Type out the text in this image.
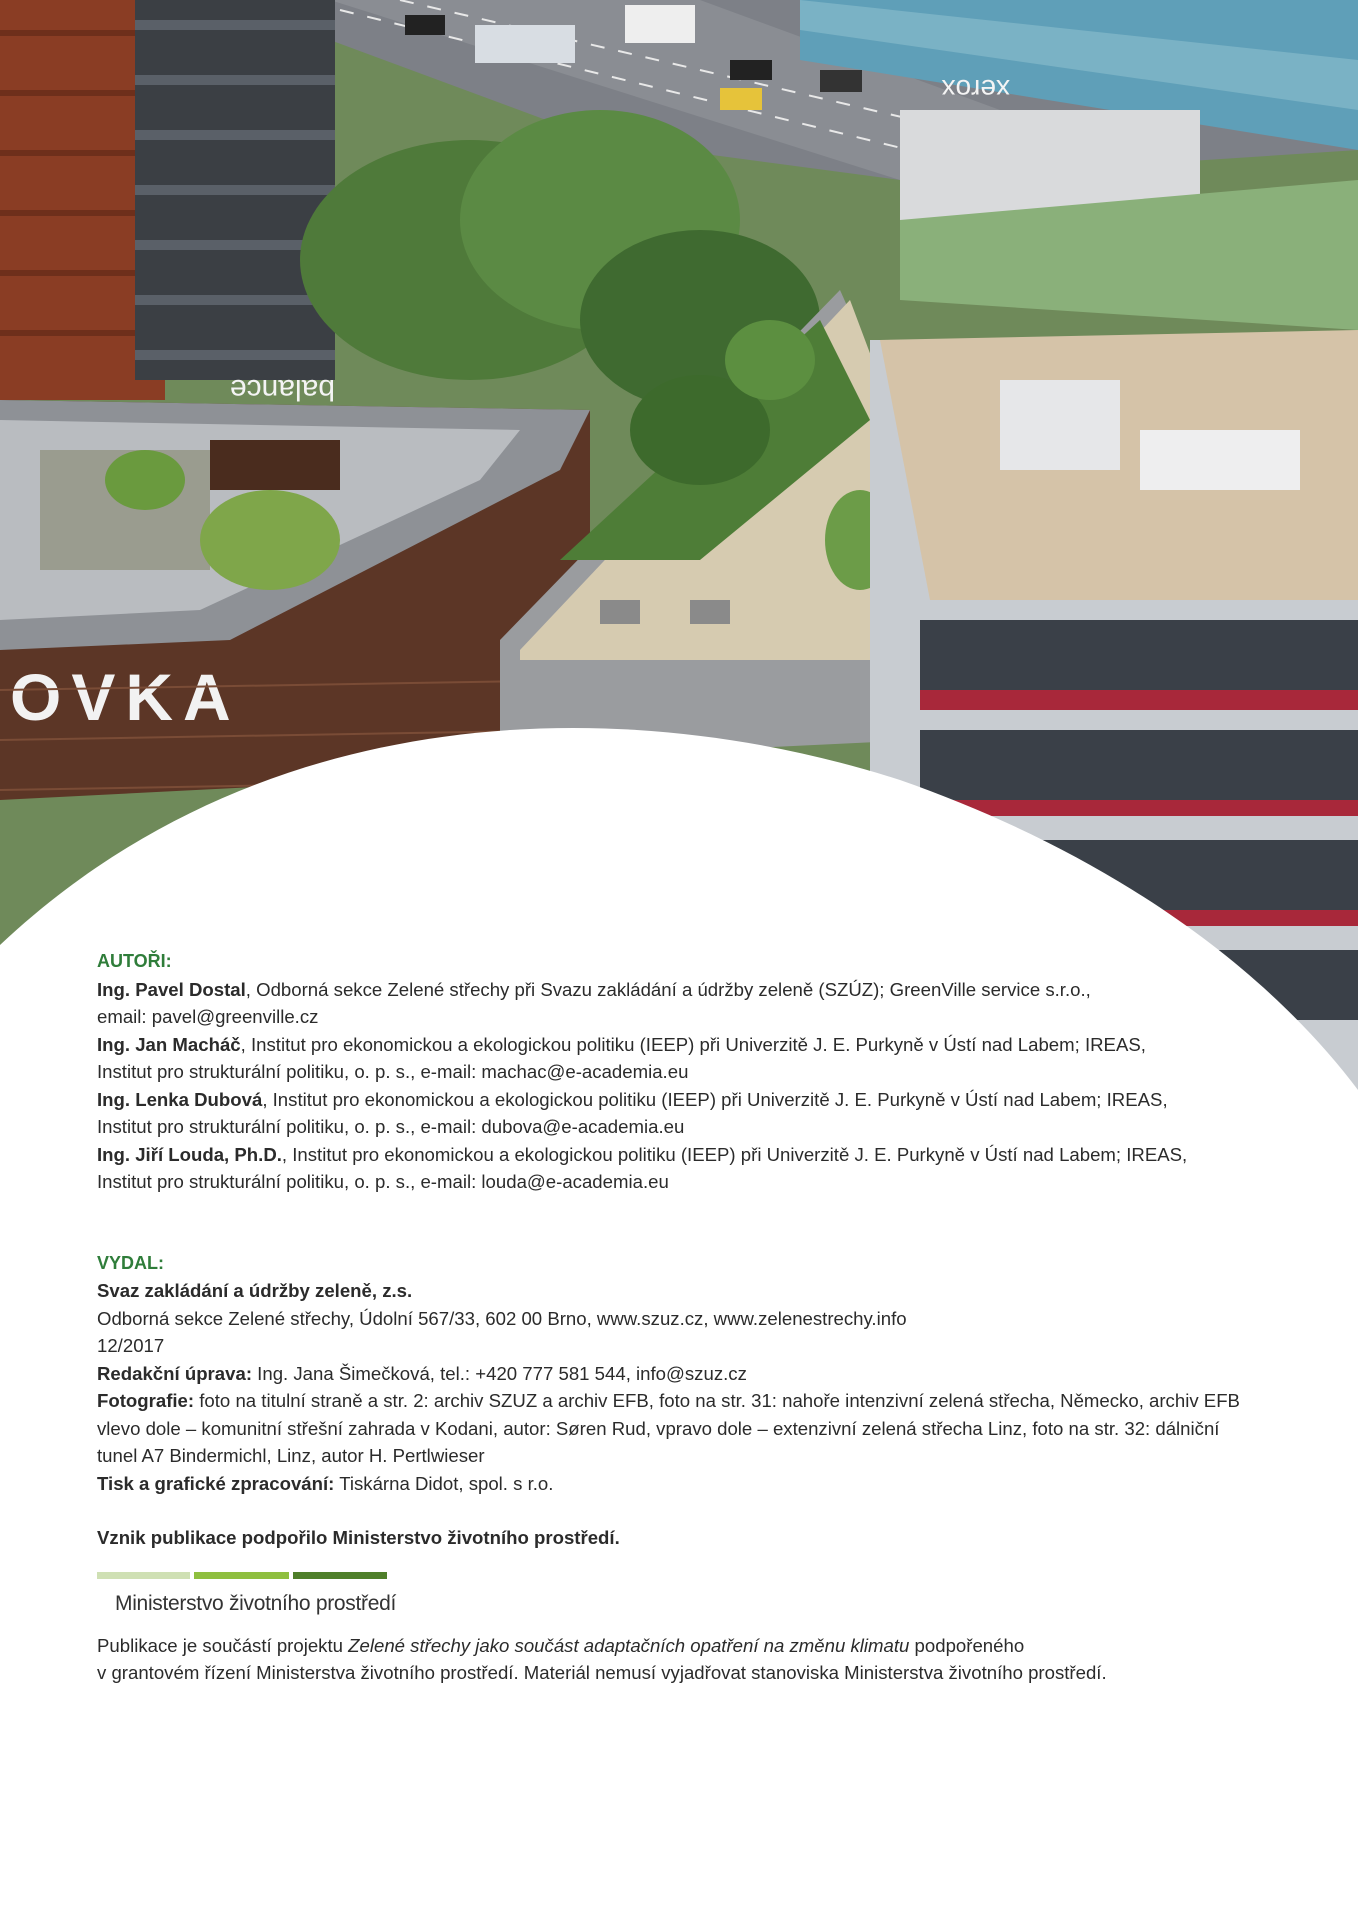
OVKA
balance
xerox

AUTOŘI:

Ing. Pavel Dostal, Odborná sekce Zelené střechy při Svazu zakládání a údržby zeleně (SZÚZ); GreenVille service s.r.o.,

email: pavel@greenville.cz

Ing. Jan Macháč, Institut pro ekonomickou a ekologickou politiku (IEEP) při Univerzitě J. E. Purkyně v Ústí nad Labem; IREAS,

Institut pro strukturální politiku, o. p. s., e-mail: machac@e-academia.eu

Ing. Lenka Dubová, Institut pro ekonomickou a ekologickou politiku (IEEP) při Univerzitě J. E. Purkyně v Ústí nad Labem; IREAS,

Institut pro strukturální politiku, o. p. s., e-mail: dubova@e-academia.eu

Ing. Jiří Louda, Ph.D., Institut pro ekonomickou a ekologickou politiku (IEEP) při Univerzitě J. E. Purkyně v Ústí nad Labem; IREAS,

Institut pro strukturální politiku, o. p. s., e-mail: louda@e-academia.eu

VYDAL:

Svaz zakládání a údržby zeleně, z.s.

Odborná sekce Zelené střechy, Údolní 567/33, 602 00 Brno, www.szuz.cz, www.zelenestrechy.info

12/2017

Redakční úprava: Ing. Jana Šimečková, tel.: +420 777 581 544, info@szuz.cz

Fotografie: foto na titulní straně a str. 2: archiv SZUZ a archiv EFB, foto na str. 31: nahoře intenzivní zelená střecha, Německo, archiv EFB

vlevo dole – komunitní střešní zahrada v Kodani, autor: Søren Rud, vpravo dole – extenzivní zelená střecha Linz, foto na str. 32: dálniční

tunel A7 Bindermichl, Linz, autor H. Pertlwieser

Tisk a grafické zpracování: Tiskárna Didot, spol. s r.o.

Vznik publikace podpořilo Ministerstvo životního prostředí.

Ministerstvo životního prostředí

Publikace je součástí projektu Zelené střechy jako součást adaptačních opatření na změnu klimatu podpořeného

v grantovém řízení Ministerstva životního prostředí. Materiál nemusí vyjadřovat stanoviska Ministerstva životního prostředí.
